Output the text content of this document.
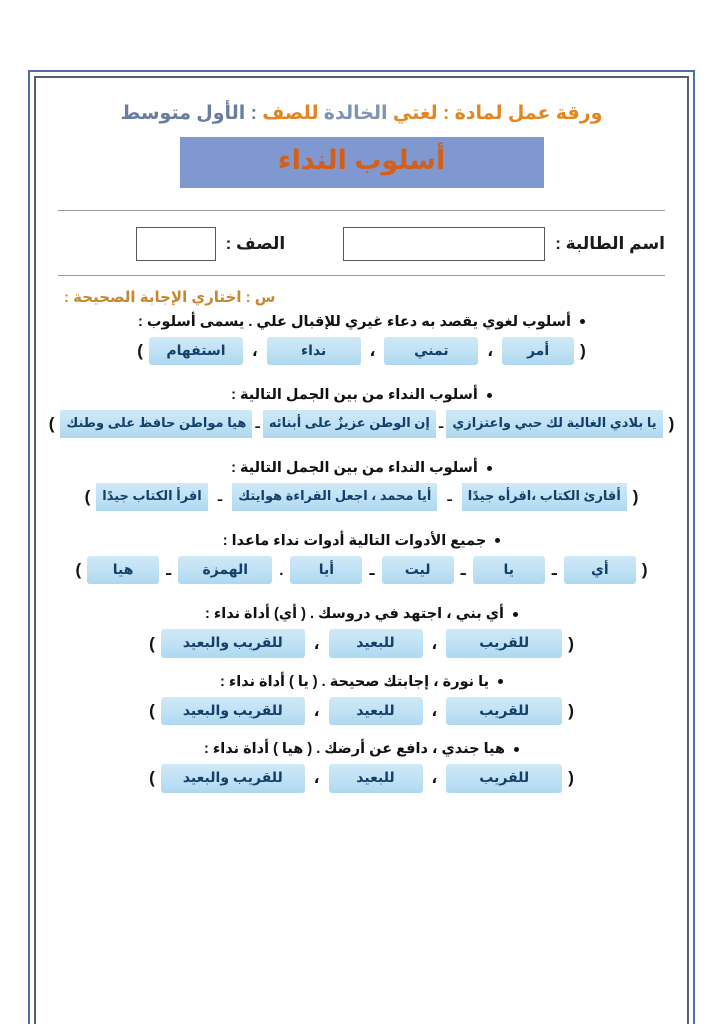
ورقة عمل لمادة : لغتي الخالدة للصف : الأول متوسط
أسلوب النداء
اسم الطالبة :
الصف :
س : اختاري الإجابة الصحيحة :
أسلوب لغوي يقصد به دعاء غيري للإقبال علي . يسمى أسلوب :
(
أمر
،
تمني
،
نداء
،
استفهام
)
أسلوب النداء من بين الجمل التالية :
(
يا بلادي الغالية لك حبي واعتزازي
ـ
إن الوطن عزيزٌ على أبنائه
ـ
هيا مواطن حافظ على وطنك
)
أسلوب النداء من بين الجمل التالية :
(
أقارئ الكتاب ،اقرأه جيدًا
ـ
أيا محمد ، اجعل القراءة هوايتك
ـ
اقرأ الكتاب جيدًا
)
جميع الأدوات التالية أدوات نداء ماعدا :
(
أي
ـ
يا
ـ
ليت
ـ
أيا
.
الهمزة
ـ
هيا
)
أي بني ، اجتهد في دروسك . ( أي) أداة نداء :
(
للقريب
،
للبعيد
،
للقريب والبعيد
)
يا نورة ، إجابتك صحيحة . ( يا ) أداة نداء :
(
للقريب
،
للبعيد
،
للقريب والبعيد
)
هيا جندي ، دافع عن أرضك . ( هيا ) أداة نداء :
(
للقريب
،
للبعيد
،
للقريب والبعيد
)
